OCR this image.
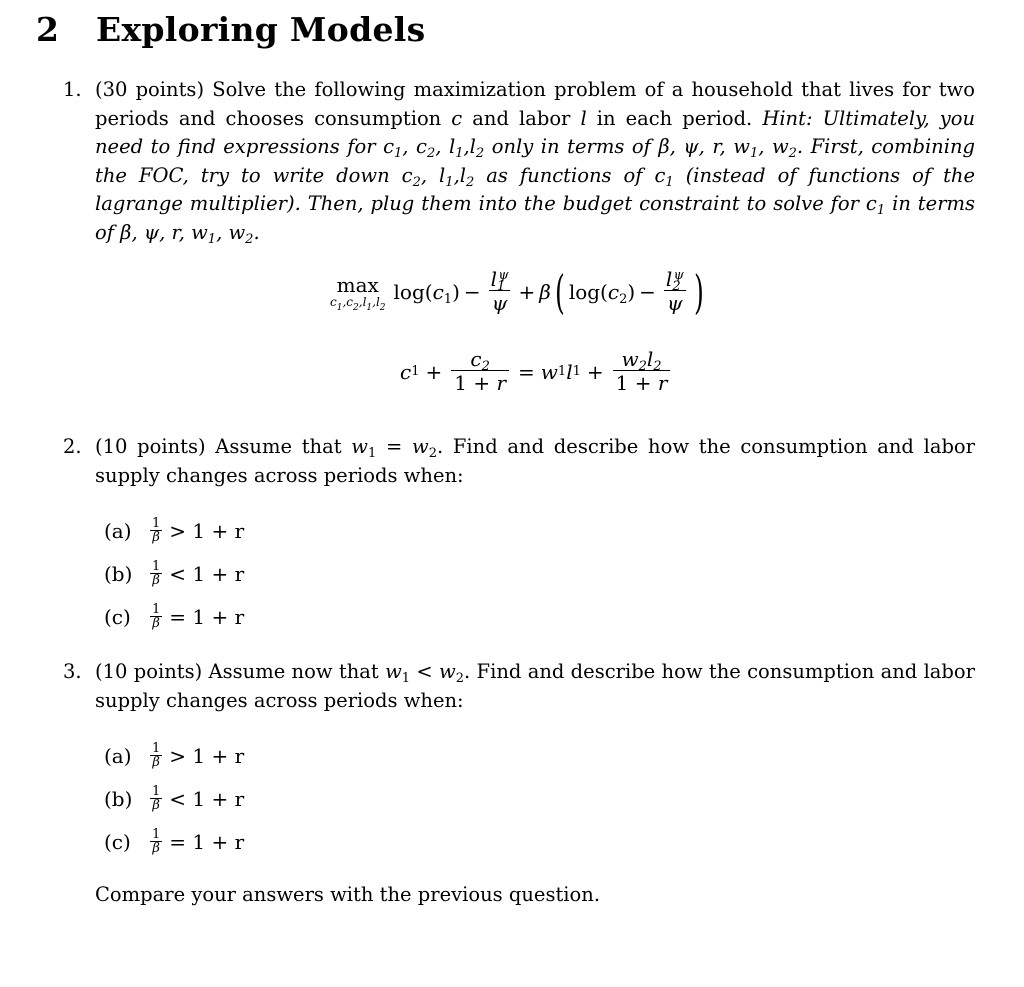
2 Exploring Models
1. (30 points) Solve the following maximization problem of a household that lives for two periods and chooses consumption c and labor l in each period. Hint: Ultimately, you need to find expressions for $c_1$, $c_2$, $l_1,l_2$ only in terms of β, ψ, r, $w_1$, $w_2$. First, combining the FOC, try to write down $c_2$, $l_1,l_2$ as functions of $c_1$ (instead of functions of the lagrange multiplier). Then, plug them into the budget constraint to solve for $c_1$ in terms of β, ψ, r, $w_1$, $w_2$.
max
$c_1,c_2,l_1,l_2$
$\log(c_1) - \frac{l_1^\psi}{\psi} + \beta$ ( $\log(c_2) - \frac{l_2^\psi}{\psi}$ )
c $1 + \frac{c_2}{1 + r} = w$ 1 l $1 + \frac{w_2l_2}{1 + r}$
2. (10 points) Assume that $w_1 = w_2$. Find and describe how the consumption and labor supply changes across periods when:
(a)	1
β > 1 + r
(b)	1
β < 1 + r
(c)	$\frac{1}{\beta} = 1 + r$
3. (10 points) Assume now that $w_1 < w_2$. Find and describe how the consumption and labor supply changes across periods when:
(a)	1
β > 1 + r
(b)	1
β < 1 + r
(c)	$\frac{1}{\beta} = 1 + r$
Compare your answers with the previous question.
